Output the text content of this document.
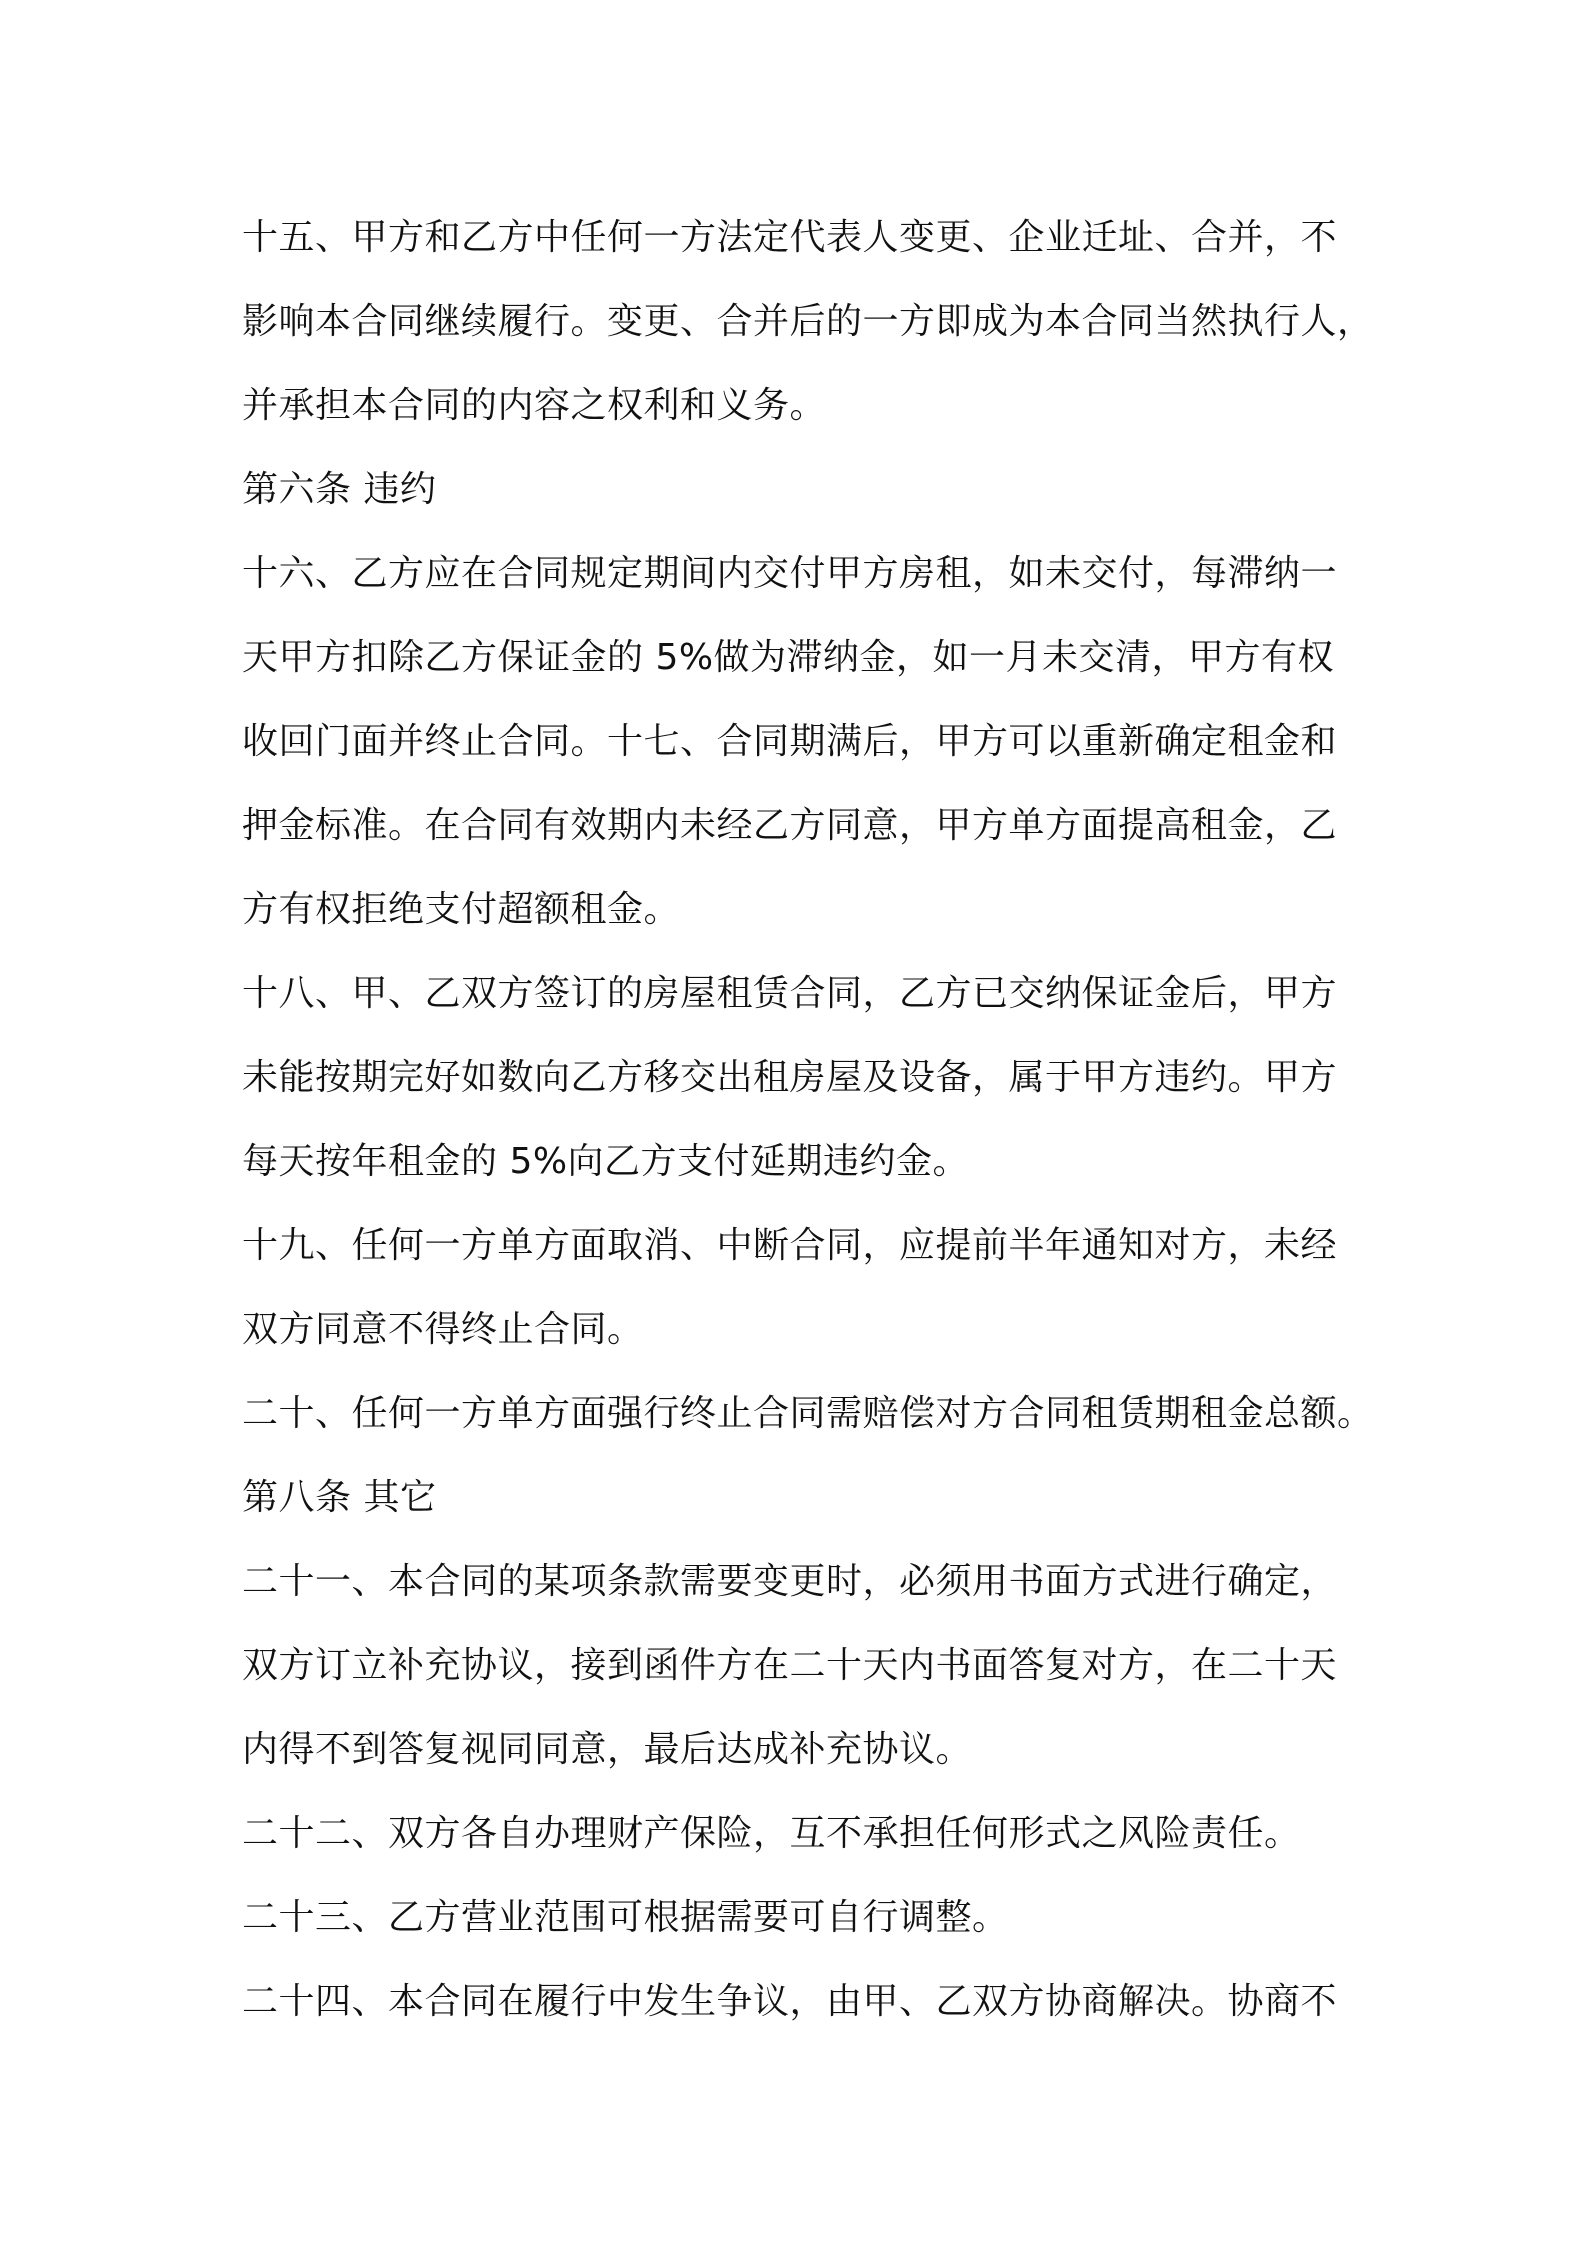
十五、甲方和乙方中任何一方法定代表人变更、企业迁址、合并，不
影响本合同继续履行。变更、合并后的一方即成为本合同当然执行人，
并承担本合同的内容之权利和义务。
第六条 违约
十六、乙方应在合同规定期间内交付甲方房租，如未交付，每滞纳一
天甲方扣除乙方保证金的 5%做为滞纳金，如一月未交清，甲方有权
收回门面并终止合同。十七、合同期满后，甲方可以重新确定租金和
押金标准。在合同有效期内未经乙方同意，甲方单方面提高租金，乙
方有权拒绝支付超额租金。
十八、甲、乙双方签订的房屋租赁合同，乙方已交纳保证金后，甲方
未能按期完好如数向乙方移交出租房屋及设备，属于甲方违约。甲方
每天按年租金的 5%向乙方支付延期违约金。
十九、任何一方单方面取消、中断合同，应提前半年通知对方，未经
双方同意不得终止合同。
二十、任何一方单方面强行终止合同需赔偿对方合同租赁期租金总额。
第八条 其它
二十一、本合同的某项条款需要变更时，必须用书面方式进行确定，
双方订立补充协议，接到函件方在二十天内书面答复对方，在二十天
内得不到答复视同同意，最后达成补充协议。
二十二、双方各自办理财产保险，互不承担任何形式之风险责任。
二十三、乙方营业范围可根据需要可自行调整。
二十四、本合同在履行中发生争议，由甲、乙双方协商解决。协商不
